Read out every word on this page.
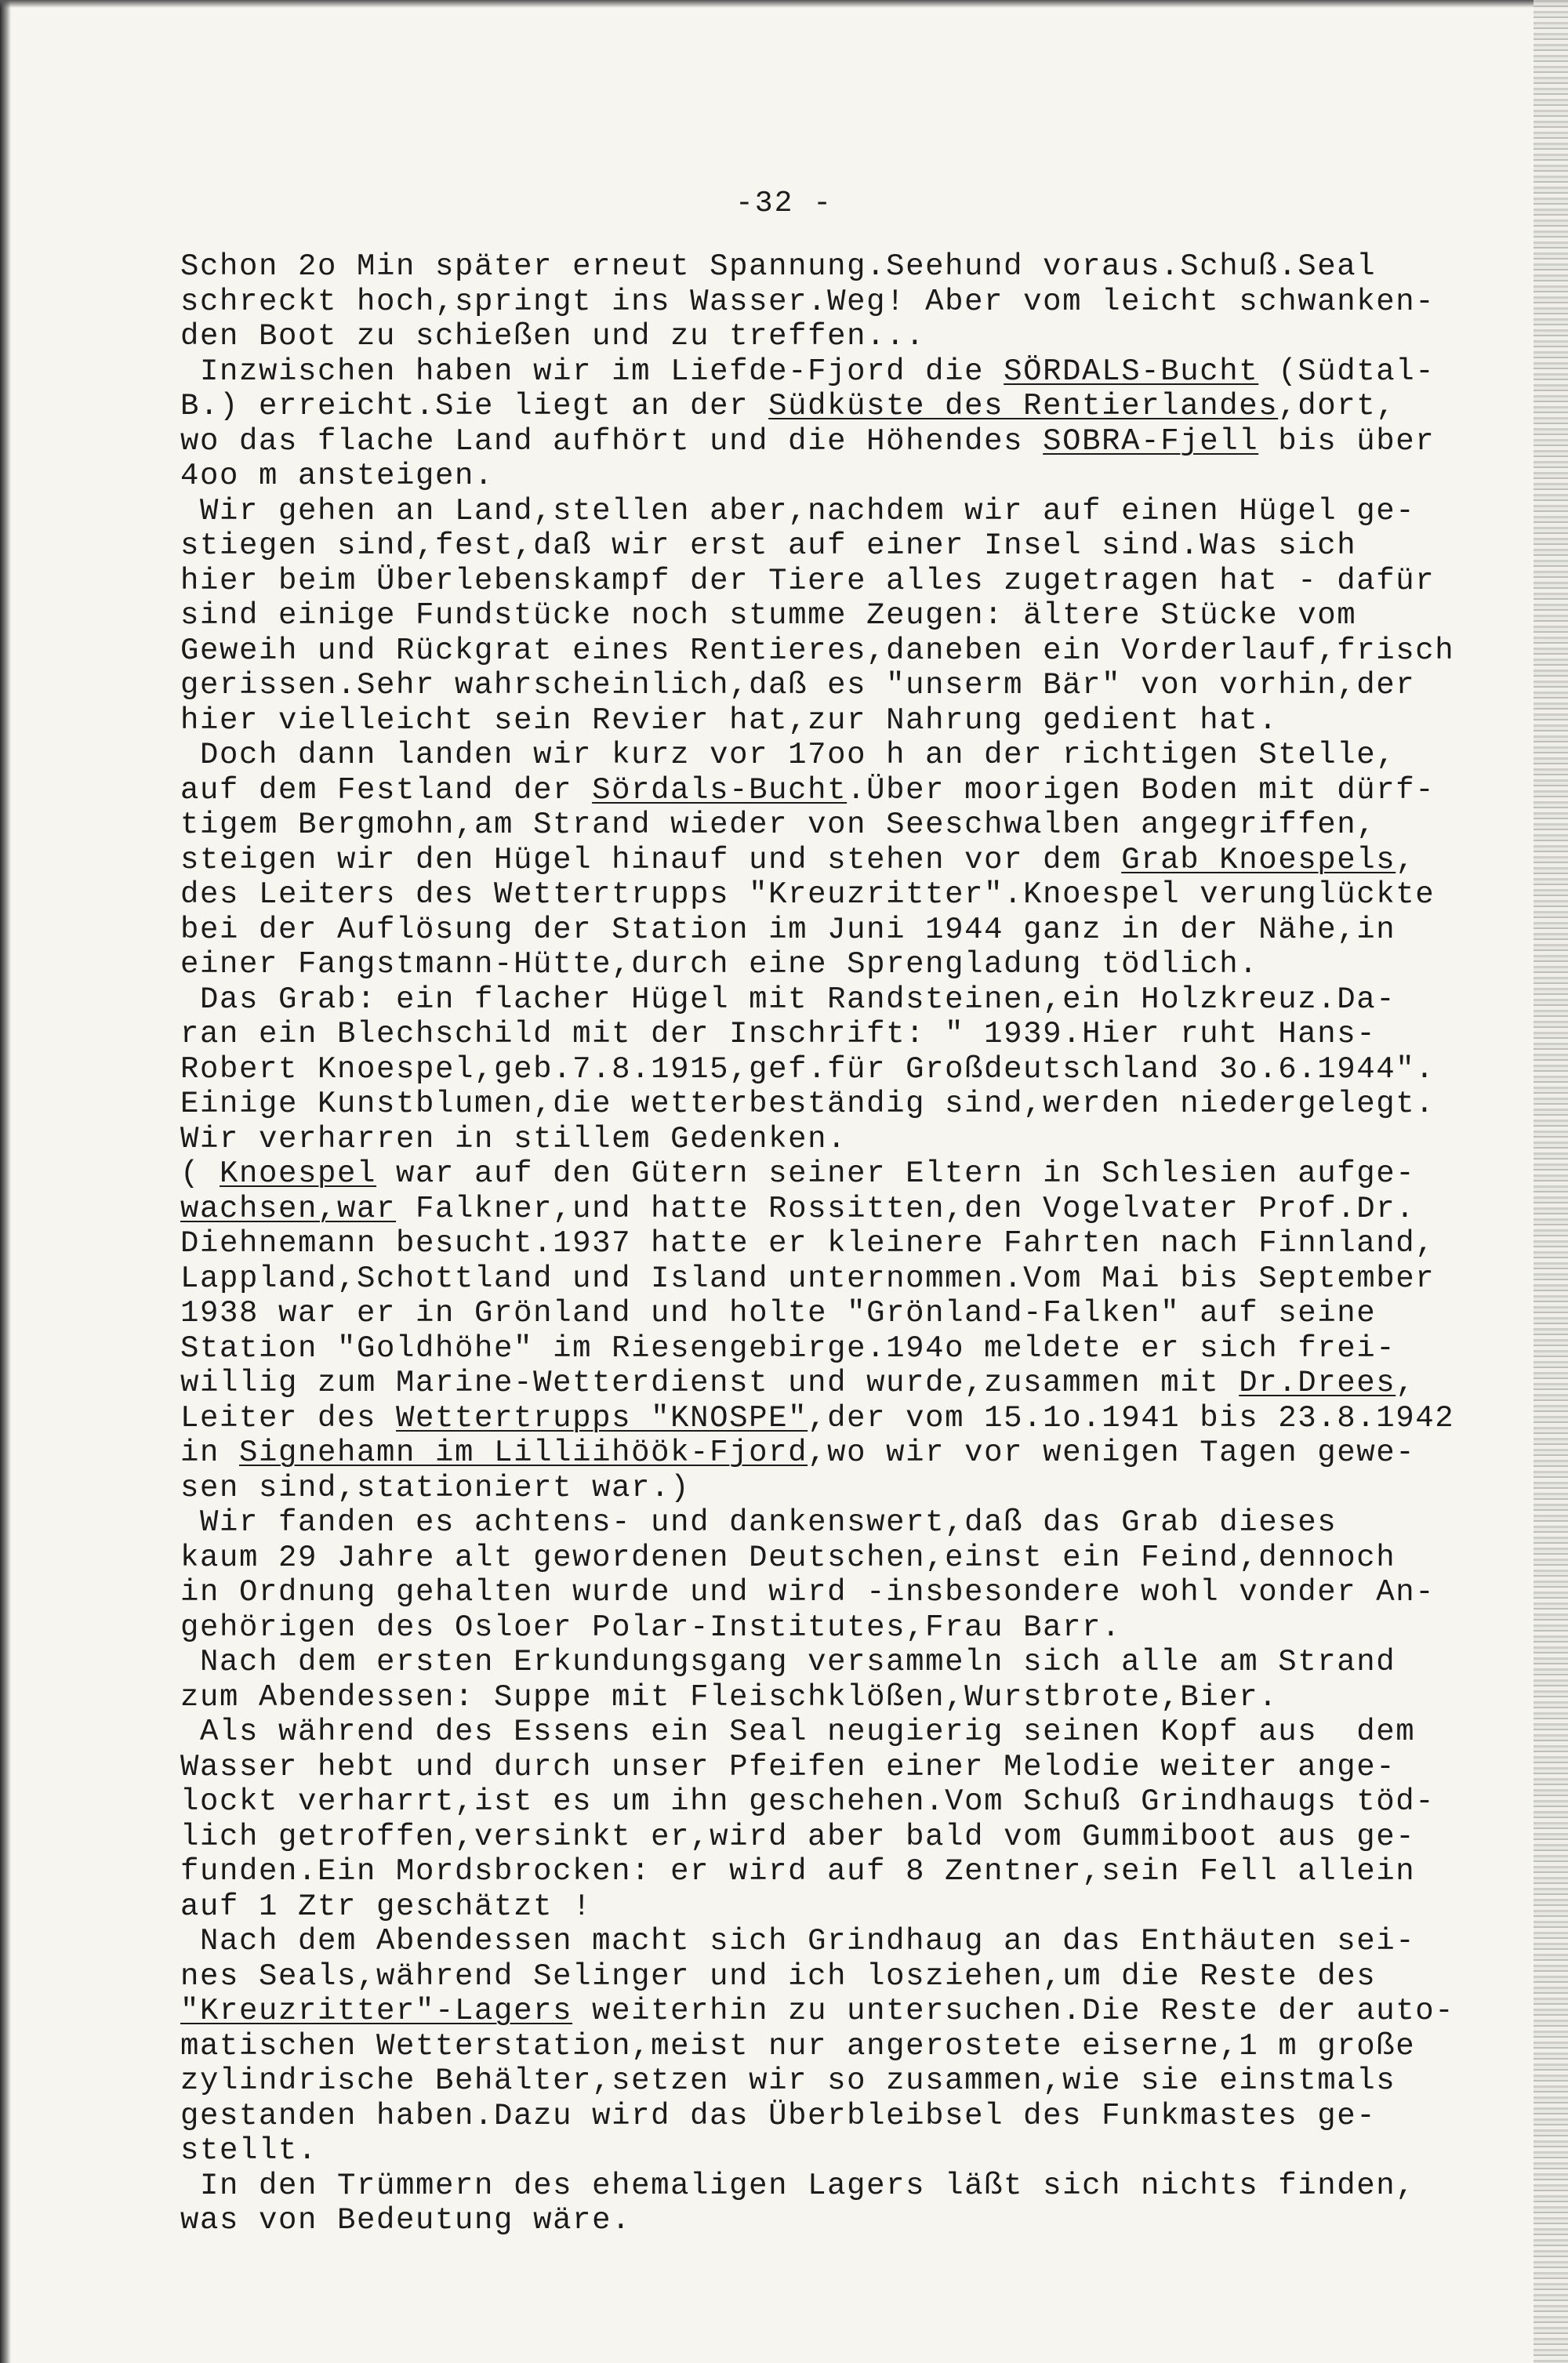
-32 -
Schon 2o Min später erneut Spannung.Seehund voraus.Schuß.Seal
schreckt hoch,springt ins Wasser.Weg! Aber vom leicht schwanken-
den Boot zu schießen und zu treffen...
Inzwischen haben wir im Liefde-Fjord die SÖRDALS-Bucht (Südtal-
B.) erreicht.Sie liegt an der Südküste des Rentierlandes,dort,
wo das flache Land aufhört und die Höhendes SOBRA-Fjell bis über
4oo m ansteigen.
Wir gehen an Land,stellen aber,nachdem wir auf einen Hügel ge-
stiegen sind,fest,daß wir erst auf einer Insel sind.Was sich
hier beim Überlebenskampf der Tiere alles zugetragen hat - dafür
sind einige Fundstücke noch stumme Zeugen: ältere Stücke vom
Geweih und Rückgrat eines Rentieres,daneben ein Vorderlauf,frisch
gerissen.Sehr wahrscheinlich,daß es "unserm Bär" von vorhin,der
hier vielleicht sein Revier hat,zur Nahrung gedient hat.
Doch dann landen wir kurz vor 17oo h an der richtigen Stelle,
auf dem Festland der Sördals-Bucht.Über moorigen Boden mit dürf-
tigem Bergmohn,am Strand wieder von Seeschwalben angegriffen,
steigen wir den Hügel hinauf und stehen vor dem Grab Knoespels,
des Leiters des Wettertrupps "Kreuzritter".Knoespel verunglückte
bei der Auflösung der Station im Juni 1944 ganz in der Nähe,in
einer Fangstmann-Hütte,durch eine Sprengladung tödlich.
Das Grab: ein flacher Hügel mit Randsteinen,ein Holzkreuz.Da-
ran ein Blechschild mit der Inschrift: " 1939.Hier ruht Hans-
Robert Knoespel,geb.7.8.1915,gef.für Großdeutschland 3o.6.1944".
Einige Kunstblumen,die wetterbeständig sind,werden niedergelegt.
Wir verharren in stillem Gedenken.
( Knoespel war auf den Gütern seiner Eltern in Schlesien aufge-
wachsen,war Falkner,und hatte Rossitten,den Vogelvater Prof.Dr.
Diehnemann besucht.1937 hatte er kleinere Fahrten nach Finnland,
Lappland,Schottland und Island unternommen.Vom Mai bis September
1938 war er in Grönland und holte "Grönland-Falken" auf seine
Station "Goldhöhe" im Riesengebirge.194o meldete er sich frei-
willig zum Marine-Wetterdienst und wurde,zusammen mit Dr.Drees,
Leiter des Wettertrupps "KNOSPE",der vom 15.1o.1941 bis 23.8.1942
in Signehamn im Lilliihöök-Fjord,wo wir vor wenigen Tagen gewe-
sen sind,stationiert war.)
Wir fanden es achtens- und dankenswert,daß das Grab dieses
kaum 29 Jahre alt gewordenen Deutschen,einst ein Feind,dennoch
in Ordnung gehalten wurde und wird -insbesondere wohl vonder An-
gehörigen des Osloer Polar-Institutes,Frau Barr.
Nach dem ersten Erkundungsgang versammeln sich alle am Strand
zum Abendessen: Suppe mit Fleischklößen,Wurstbrote,Bier.
Als während des Essens ein Seal neugierig seinen Kopf aus  dem
Wasser hebt und durch unser Pfeifen einer Melodie weiter ange-
lockt verharrt,ist es um ihn geschehen.Vom Schuß Grindhaugs töd-
lich getroffen,versinkt er,wird aber bald vom Gummiboot aus ge-
funden.Ein Mordsbrocken: er wird auf 8 Zentner,sein Fell allein
auf 1 Ztr geschätzt !
Nach dem Abendessen macht sich Grindhaug an das Enthäuten sei-
nes Seals,während Selinger und ich losziehen,um die Reste des
"Kreuzritter"-Lagers weiterhin zu untersuchen.Die Reste der auto-
matischen Wetterstation,meist nur angerostete eiserne,1 m große
zylindrische Behälter,setzen wir so zusammen,wie sie einstmals
gestanden haben.Dazu wird das Überbleibsel des Funkmastes ge-
stellt.
In den Trümmern des ehemaligen Lagers läßt sich nichts finden,
was von Bedeutung wäre.
